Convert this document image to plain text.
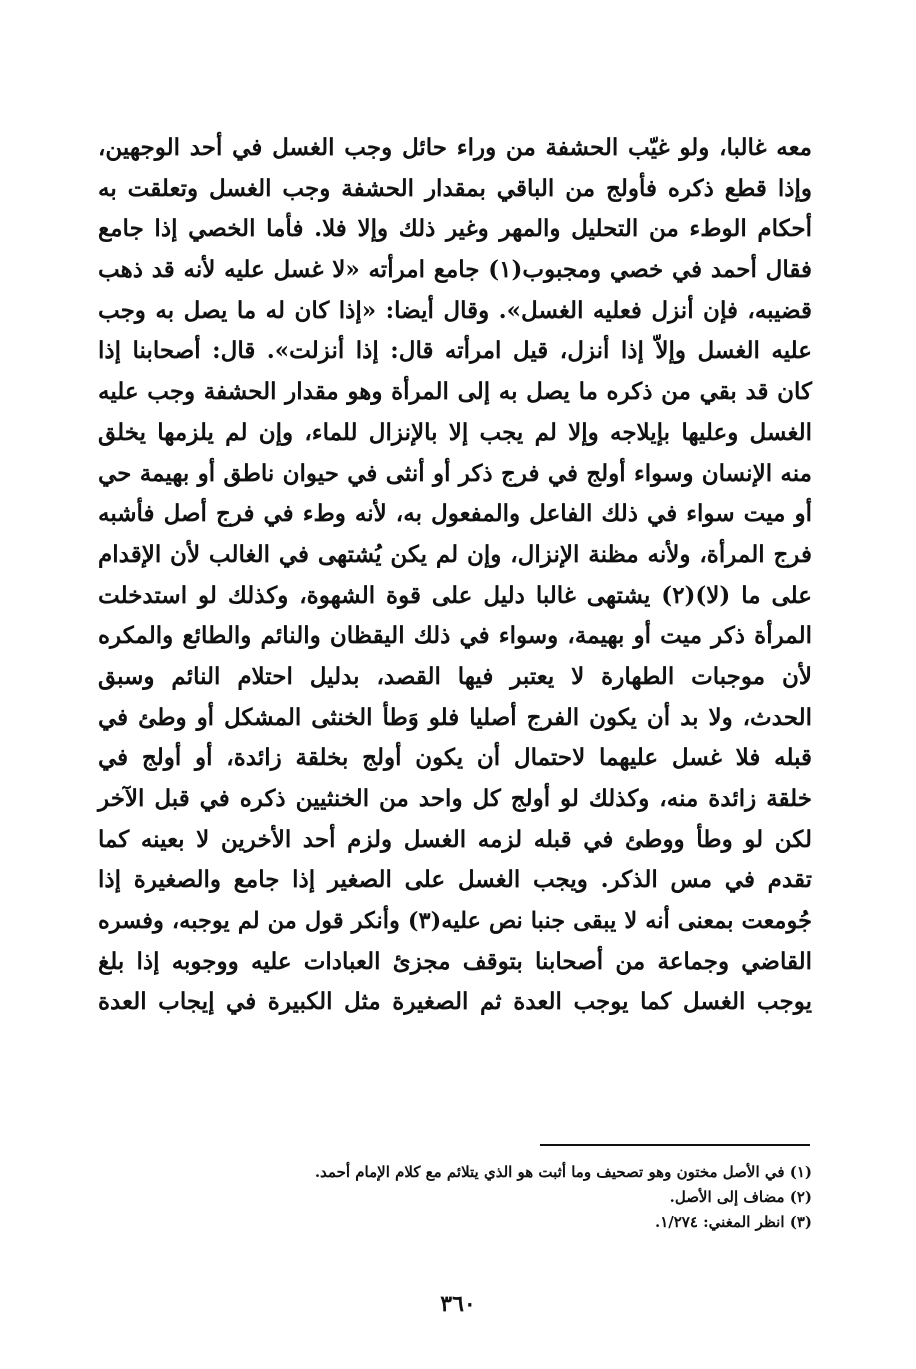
معه غالبا، ولو غيّب الحشفة من وراء حائل وجب الغسل في أحد الوجهين،
وإذا قطع ذكره فأولج من الباقي بمقدار الحشفة وجب الغسل وتعلقت به
أحكام الوطء من التحليل والمهر وغير ذلك وإلا فلا. فأما الخصي إذا جامع
فقال أحمد في خصي ومجبوب(١) جامع امرأته «لا غسل عليه لأنه قد ذهب
قضيبه، فإن أنزل فعليه الغسل». وقال أيضا: «إذا كان له ما يصل به وجب
عليه الغسل وإلاّ إذا أنزل، قيل امرأته قال: إذا أنزلت». قال: أصحابنا إذا
كان قد بقي من ذكره ما يصل به إلى المرأة وهو مقدار الحشفة وجب عليه
الغسل وعليها بإيلاجه وإلا لم يجب إلا بالإنزال للماء، وإن لم يلزمها يخلق
منه الإنسان وسواء أولج في فرج ذكر أو أنثى في حيوان ناطق أو بهيمة حي
أو ميت سواء في ذلك الفاعل والمفعول به، لأنه وطء في فرج أصل فأشبه
فرج المرأة، ولأنه مظنة الإنزال، وإن لم يكن يُشتهى في الغالب لأن الإقدام
على ما (لا)(٢) يشتهى غالبا دليل على قوة الشهوة، وكذلك لو استدخلت
المرأة ذكر ميت أو بهيمة، وسواء في ذلك اليقظان والنائم والطائع والمكره
لأن موجبات الطهارة لا يعتبر فيها القصد، بدليل احتلام النائم وسبق
الحدث، ولا بد أن يكون الفرج أصليا فلو وَطأ الخنثى المشكل أو وطئ في
قبله فلا غسل عليهما لاحتمال أن يكون أولج بخلقة زائدة، أو أولج في
خلقة زائدة منه، وكذلك لو أولج كل واحد من الخنثيين ذكره في قبل الآخر
لكن لو وطأ ووطئ في قبله لزمه الغسل ولزم أحد الأخرين لا بعينه كما
تقدم في مس الذكر. ويجب الغسل على الصغير إذا جامع والصغيرة إذا
جُومعت بمعنى أنه لا يبقى جنبا نص عليه(٣) وأنكر قول من لم يوجبه، وفسره
القاضي وجماعة من أصحابنا بتوقف مجزئ العبادات عليه ووجوبه إذا بلغ
يوجب الغسل كما يوجب العدة ثم الصغيرة مثل الكبيرة في إيجاب العدة
(١) في الأصل مختون وهو تصحيف وما أثبت هو الذي يتلائم مع كلام الإمام أحمد.
(٢) مضاف إلى الأصل.
(٣) انظر المغني: ١/٢٧٤.
٣٦٠
